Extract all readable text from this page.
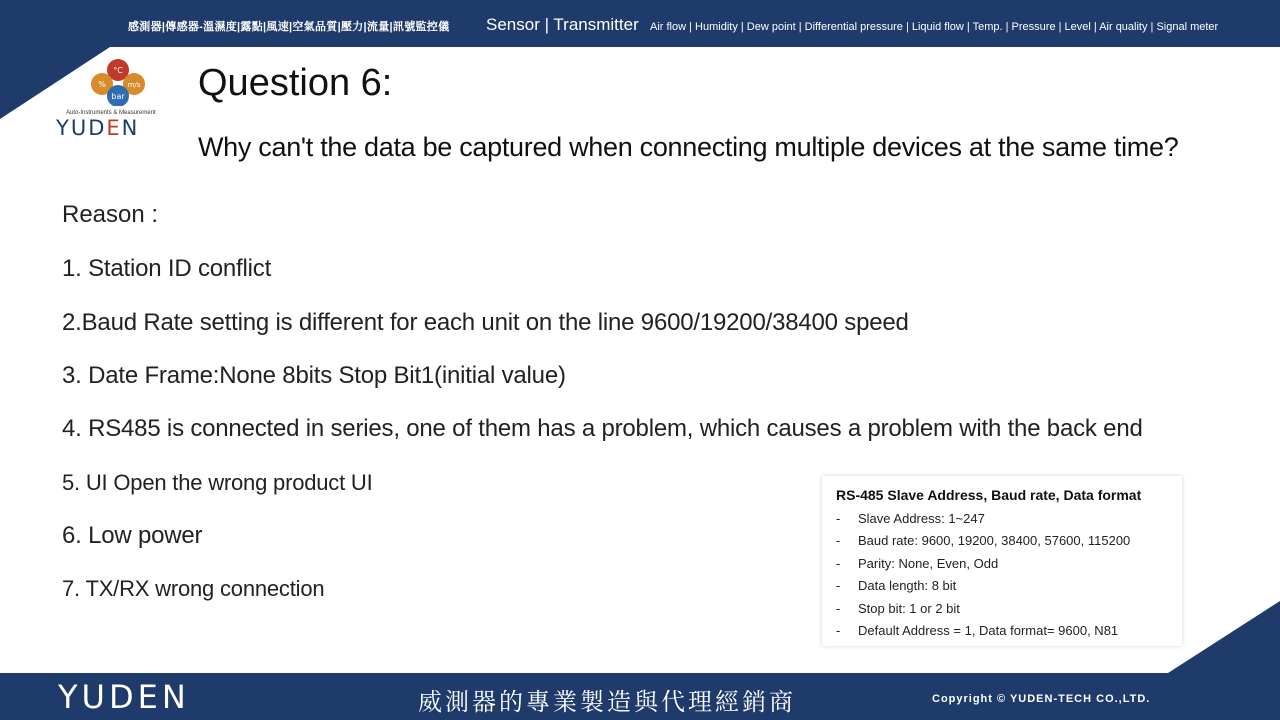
感測器|傳感器-溫濕度|露點|風速|空氣品質|壓力|流量|訊號監控儀 Sensor | Transmitter Air flow | Humidity | Dew point | Differential pressure | Liquid flow | Temp. | Pressure | Level | Air quality | Signal meter
°C
%	m/s
bar
Auto-Instruments & Measurement
YUDEN
Question 6:
Why can't the data be captured when connecting multiple devices at the same time?
Reason :
1. Station ID conflict
2.Baud Rate setting is different for each unit on the line 9600/19200/38400 speed
3. Date Frame:None 8bits Stop Bit1(initial value)
4. RS485 is connected in series, one of them has a problem, which causes a problem with the back end
5. UI Open the wrong product UI
6. Low power
7. TX/RX wrong connection
RS-485 Slave Address, Baud rate, Data format
- Slave Address: 1~247
- Baud rate: 9600, 19200, 38400, 57600, 115200
- Parity: None, Even, Odd
- Data length: 8 bit
- Stop bit: 1 or 2 bit
- Default Address = 1, Data format= 9600, N81
YUDEN	威測器的專業製造與代理經銷商	Copyright © YUDEN-TECH CO.,LTD.
